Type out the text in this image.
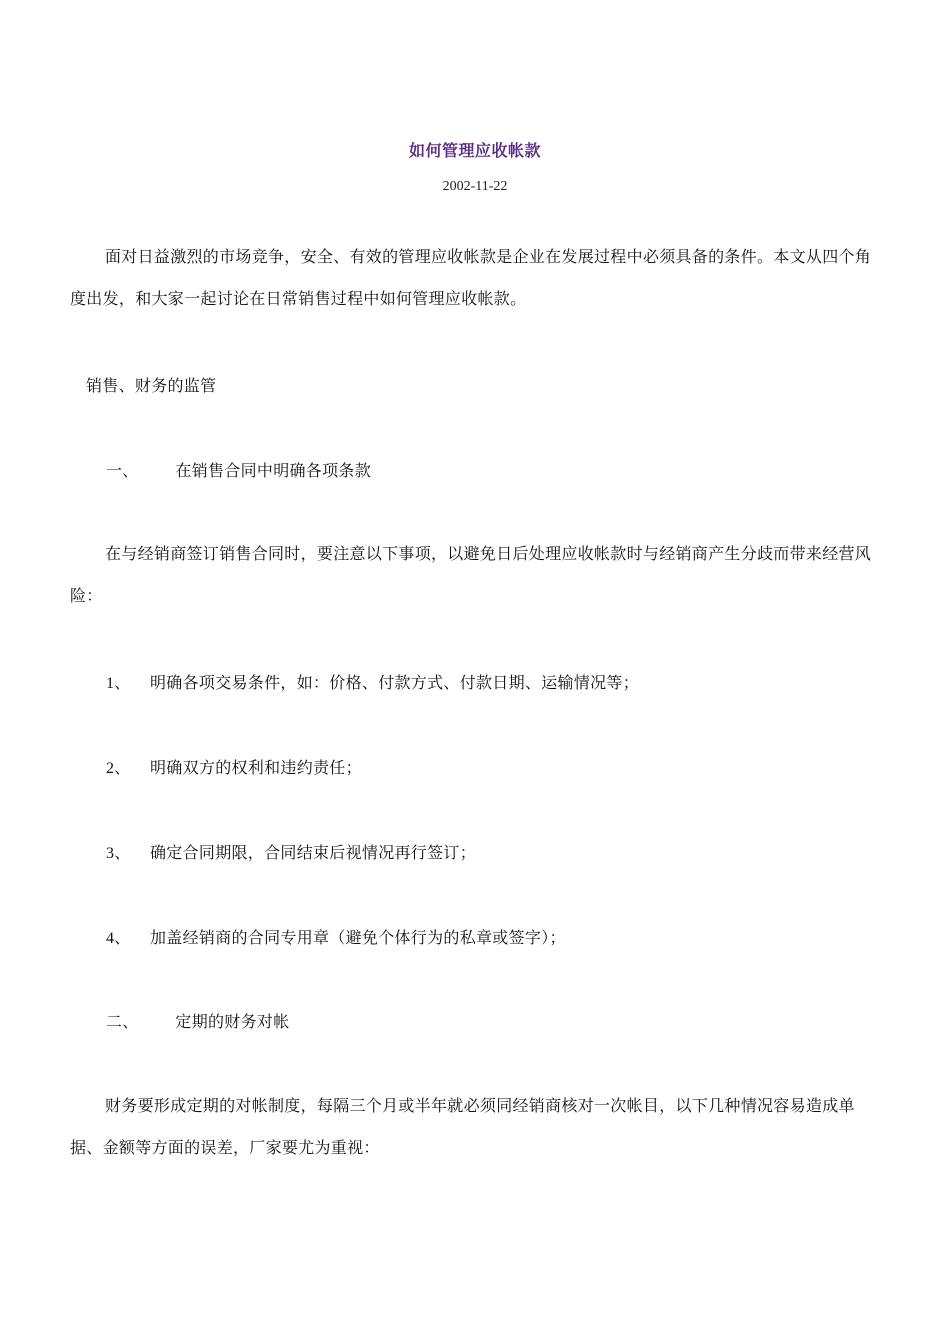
如何管理应收帐款
2002-11-22
面对日益激烈的市场竞争，安全、有效的管理应收帐款是企业在发展过程中必须具备的条件。本文从四个角度出发，和大家一起讨论在日常销售过程中如何管理应收帐款。
销售、财务的监管
一、 在销售合同中明确各项条款
在与经销商签订销售合同时，要注意以下事项，以避免日后处理应收帐款时与经销商产生分歧而带来经营风险：
1、 明确各项交易条件，如：价格、付款方式、付款日期、运输情况等；
2、 明确双方的权利和违约责任；
3、 确定合同期限，合同结束后视情况再行签订；
4、 加盖经销商的合同专用章（避免个体行为的私章或签字）；
二、 定期的财务对帐
财务要形成定期的对帐制度，每隔三个月或半年就必须同经销商核对一次帐目，以下几种情况容易造成单据、金额等方面的误差，厂家要尤为重视：
